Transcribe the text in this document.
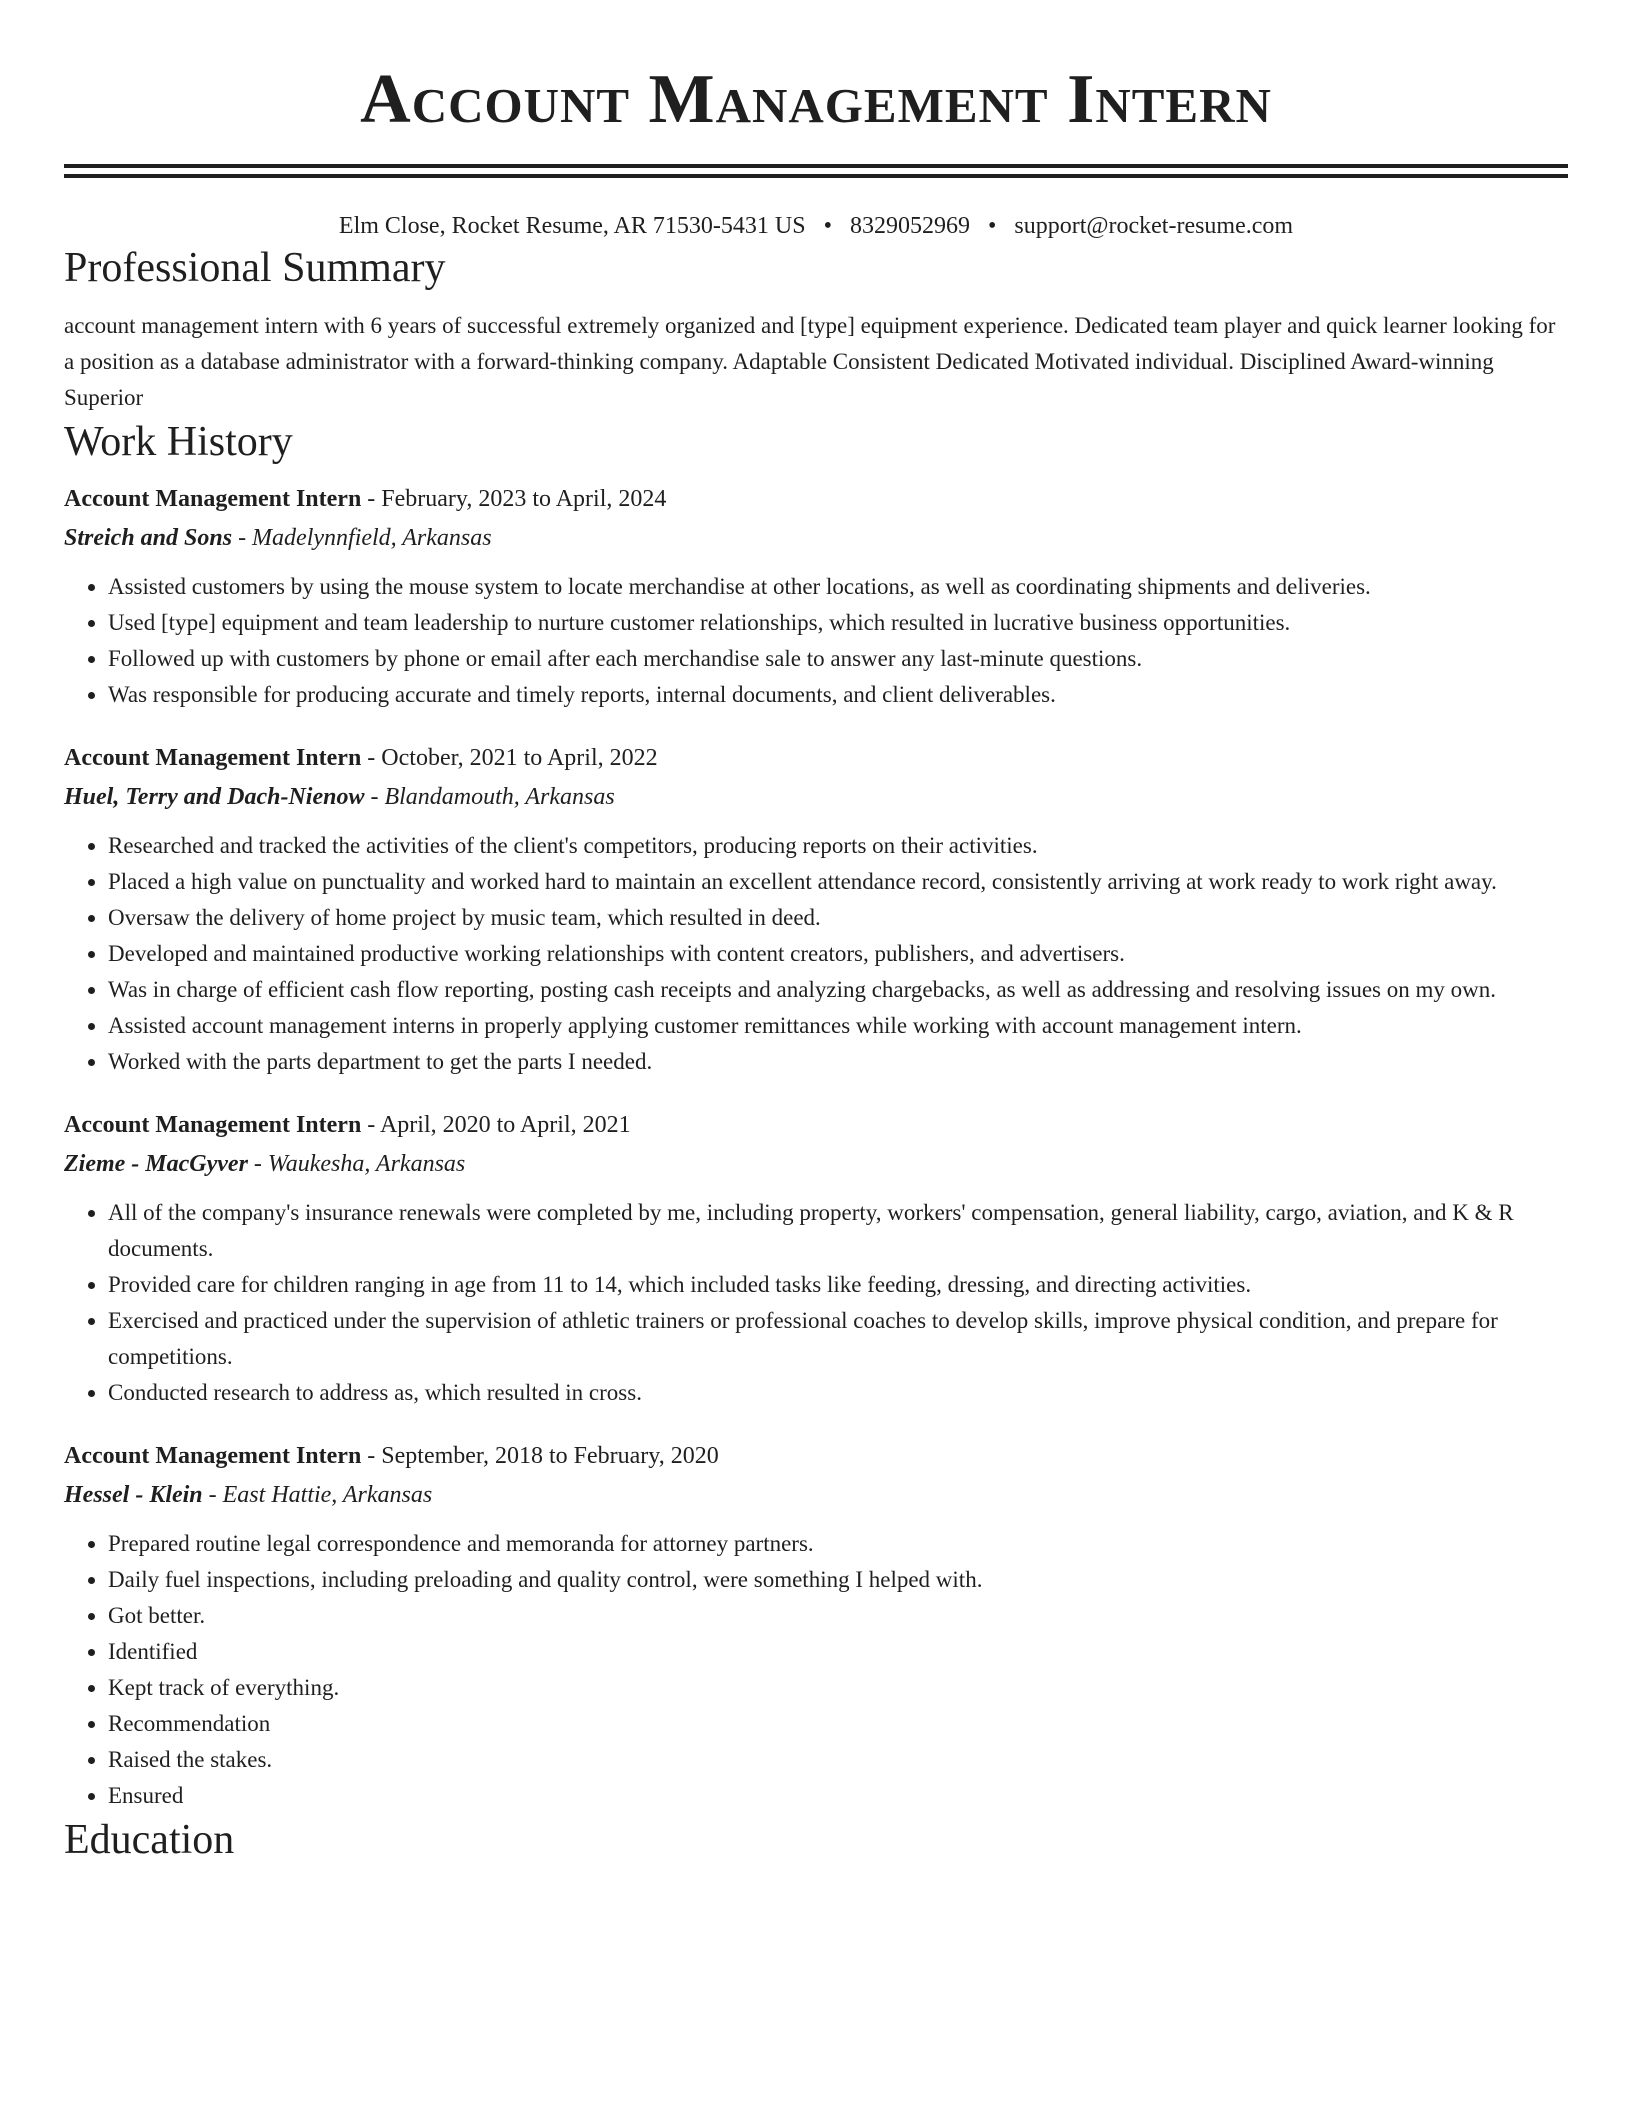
Account Management Intern
Elm Close, Rocket Resume, AR 71530-5431 US • 8329052969 • support@rocket-resume.com
Professional Summary
account management intern with 6 years of successful extremely organized and [type] equipment experience. Dedicated team player and quick learner looking for a position as a database administrator with a forward-thinking company. Adaptable Consistent Dedicated Motivated individual. Disciplined Award-winning Superior
Work History
Account Management Intern - February, 2023 to April, 2024
Streich and Sons - Madelynnfield, Arkansas
• Assisted customers by using the mouse system to locate merchandise at other locations, as well as coordinating shipments and deliveries.
• Used [type] equipment and team leadership to nurture customer relationships, which resulted in lucrative business opportunities.
• Followed up with customers by phone or email after each merchandise sale to answer any last-minute questions.
• Was responsible for producing accurate and timely reports, internal documents, and client deliverables.
Account Management Intern - October, 2021 to April, 2022
Huel, Terry and Dach-Nienow - Blandamouth, Arkansas
• Researched and tracked the activities of the client's competitors, producing reports on their activities.
• Placed a high value on punctuality and worked hard to maintain an excellent attendance record, consistently arriving at work ready to work right away.
• Oversaw the delivery of home project by music team, which resulted in deed.
• Developed and maintained productive working relationships with content creators, publishers, and advertisers.
• Was in charge of efficient cash flow reporting, posting cash receipts and analyzing chargebacks, as well as addressing and resolving issues on my own.
• Assisted account management interns in properly applying customer remittances while working with account management intern.
• Worked with the parts department to get the parts I needed.
Account Management Intern - April, 2020 to April, 2021
Zieme - MacGyver - Waukesha, Arkansas
• All of the company's insurance renewals were completed by me, including property, workers' compensation, general liability, cargo, aviation, and K & R documents.
• Provided care for children ranging in age from 11 to 14, which included tasks like feeding, dressing, and directing activities.
• Exercised and practiced under the supervision of athletic trainers or professional coaches to develop skills, improve physical condition, and prepare for competitions.
• Conducted research to address as, which resulted in cross.
Account Management Intern - September, 2018 to February, 2020
Hessel - Klein - East Hattie, Arkansas
• Prepared routine legal correspondence and memoranda for attorney partners.
• Daily fuel inspections, including preloading and quality control, were something I helped with.
• Got better.
• Identified
• Kept track of everything.
• Recommendation
• Raised the stakes.
• Ensured
Education
